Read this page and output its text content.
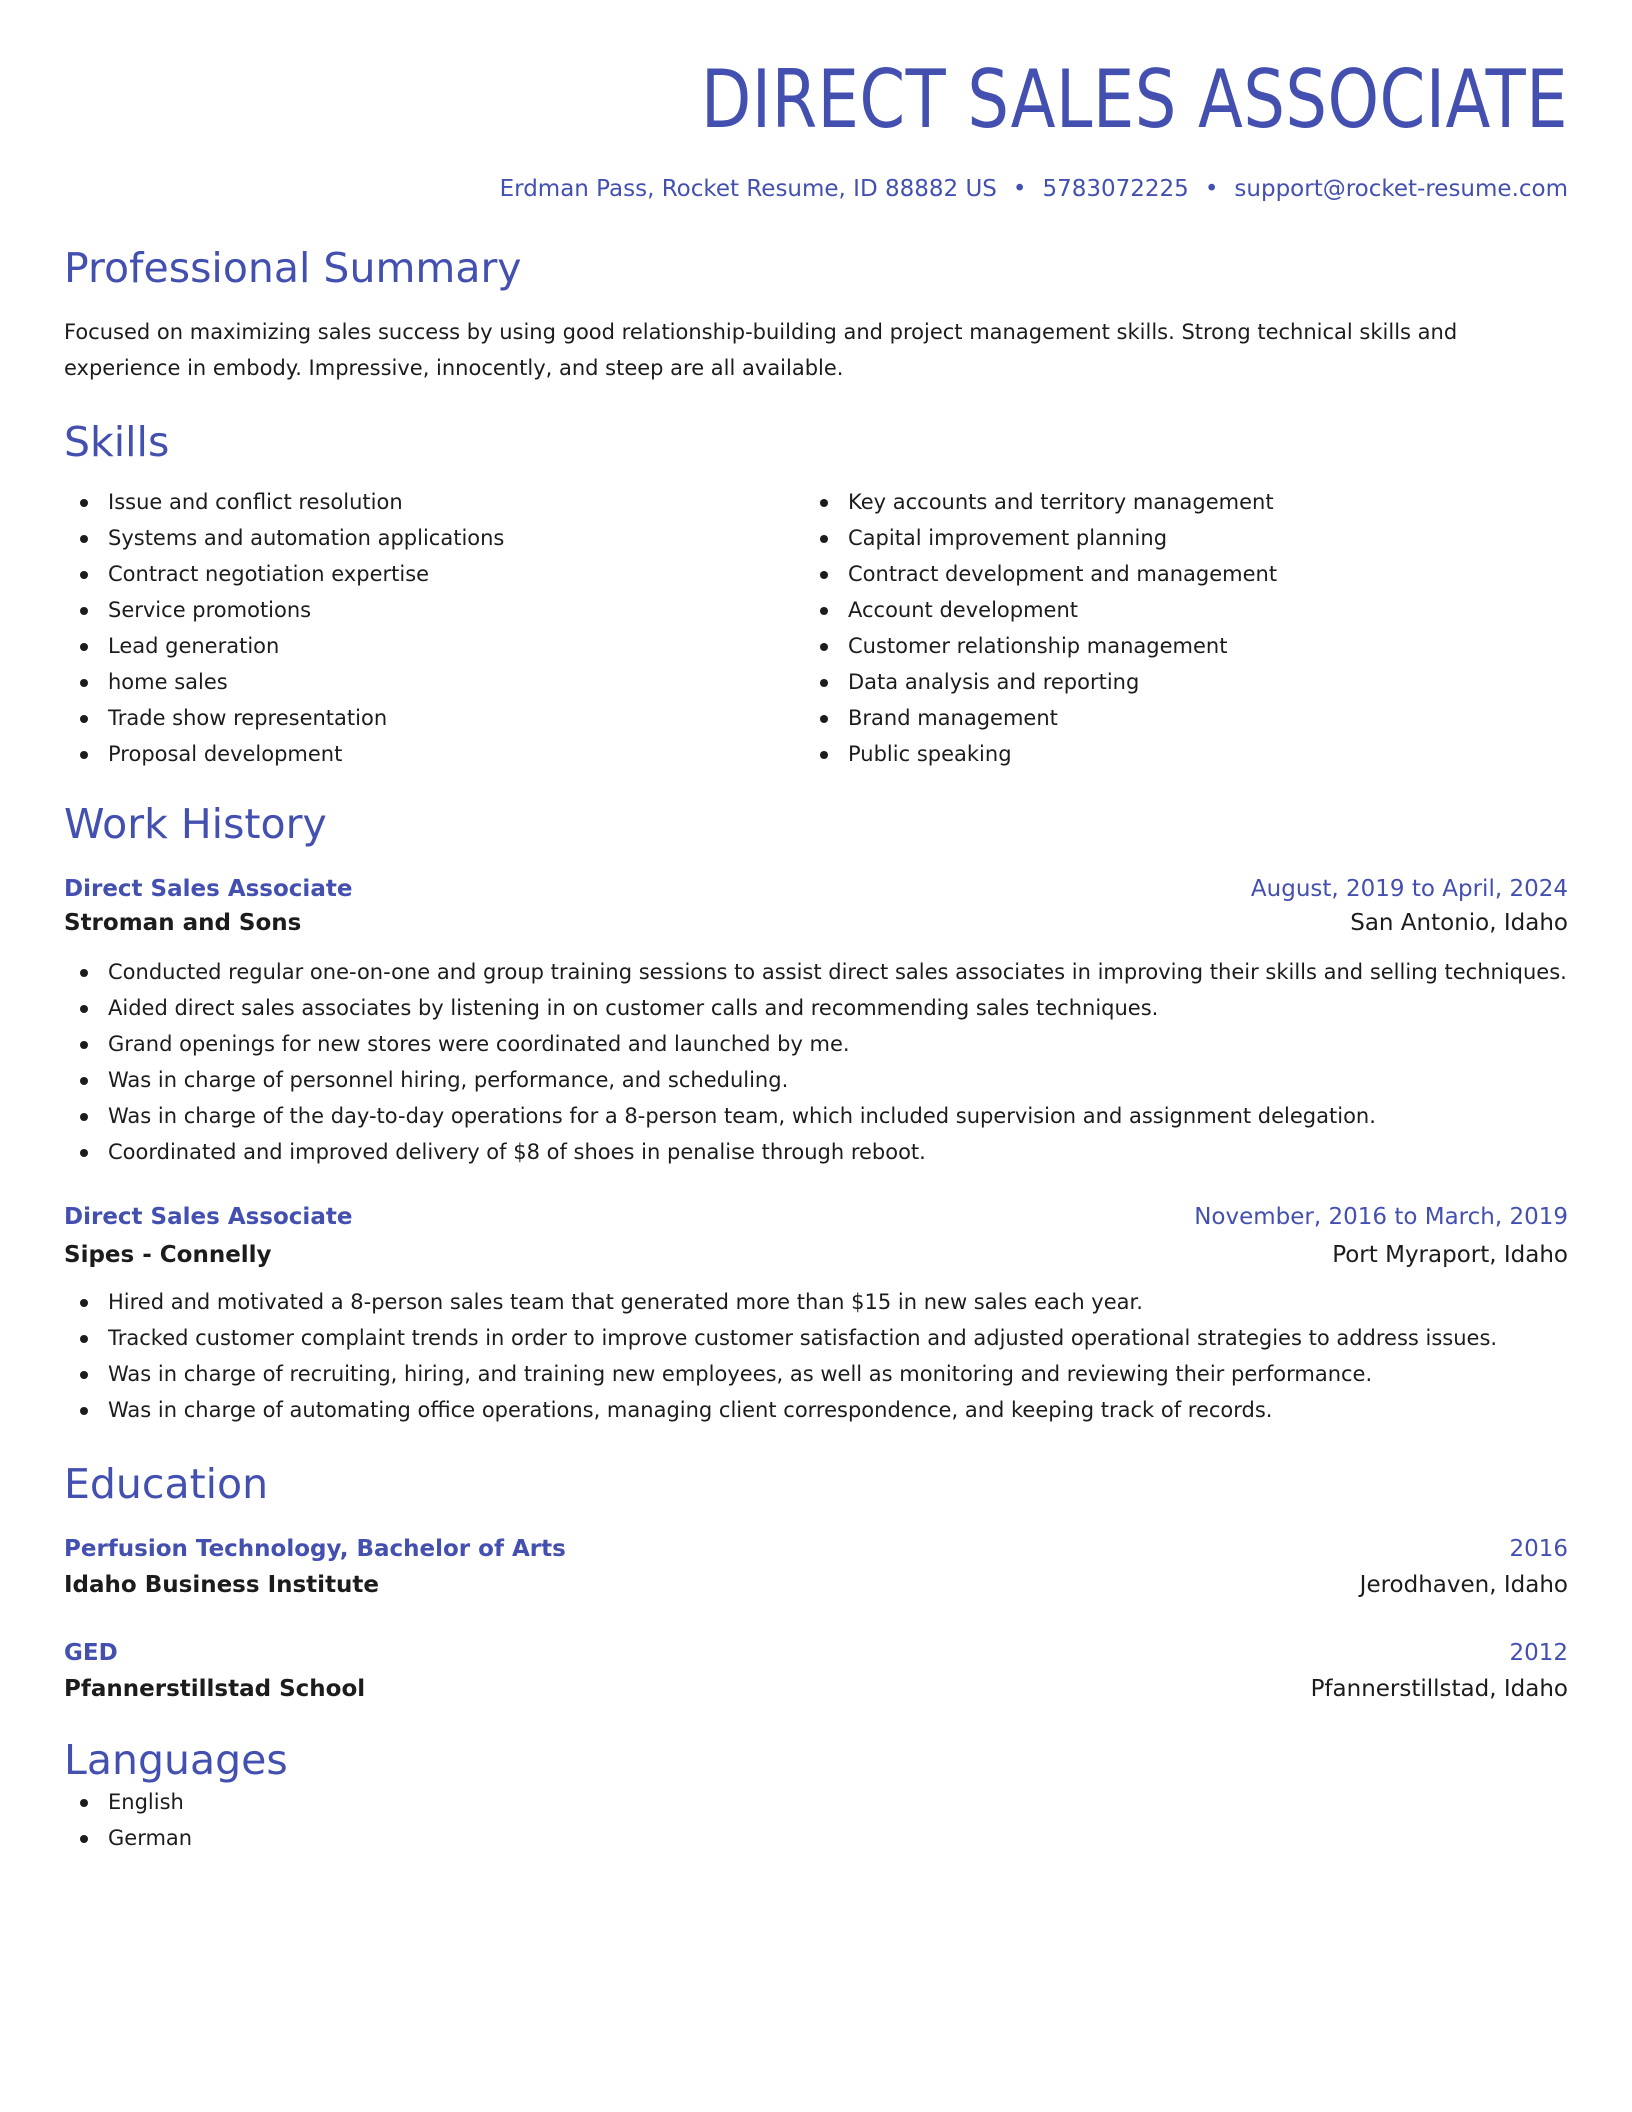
DIRECT SALES ASSOCIATE
Erdman Pass, Rocket Resume, ID 88882 US • 5783072225 • support@rocket-resume.com
Professional Summary
Focused on maximizing sales success by using good relationship-building and project management skills. Strong technical skills and experience in embody. Impressive, innocently, and steep are all available.
Skills
Issue and conflict resolution
Systems and automation applications
Contract negotiation expertise
Service promotions
Lead generation
home sales
Trade show representation
Proposal development
Key accounts and territory management
Capital improvement planning
Contract development and management
Account development
Customer relationship management
Data analysis and reporting
Brand management
Public speaking
Work History
Direct Sales Associate	August, 2019 to April, 2024
Stroman and Sons	San Antonio, Idaho
Conducted regular one-on-one and group training sessions to assist direct sales associates in improving their skills and selling techniques.
Aided direct sales associates by listening in on customer calls and recommending sales techniques.
Grand openings for new stores were coordinated and launched by me.
Was in charge of personnel hiring, performance, and scheduling.
Was in charge of the day-to-day operations for a 8-person team, which included supervision and assignment delegation.
Coordinated and improved delivery of $8 of shoes in penalise through reboot.
Direct Sales Associate	November, 2016 to March, 2019
Sipes - Connelly	Port Myraport, Idaho
Hired and motivated a 8-person sales team that generated more than $15 in new sales each year.
Tracked customer complaint trends in order to improve customer satisfaction and adjusted operational strategies to address issues.
Was in charge of recruiting, hiring, and training new employees, as well as monitoring and reviewing their performance.
Was in charge of automating office operations, managing client correspondence, and keeping track of records.
Education
Perfusion Technology, Bachelor of Arts	2016
Idaho Business Institute	Jerodhaven, Idaho
GED	2012
Pfannerstillstad School	Pfannerstillstad, Idaho
Languages
English
German
